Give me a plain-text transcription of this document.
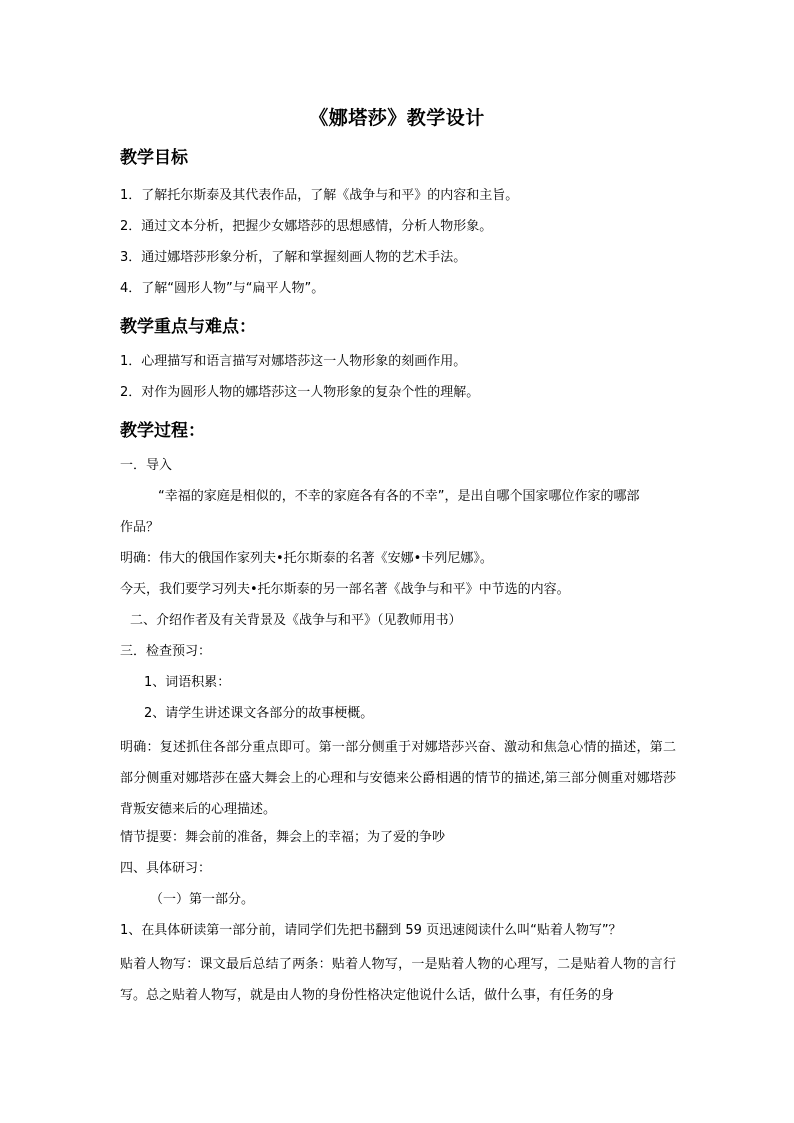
《娜塔莎》教学设计
教学目标
1．了解托尔斯泰及其代表作品，了解《战争与和平》的内容和主旨。
2．通过文本分析，把握少女娜塔莎的思想感情，分析人物形象。
3．通过娜塔莎形象分析，了解和掌握刻画人物的艺术手法。
4．了解“圆形人物”与“扁平人物”。
教学重点与难点：
1．心理描写和语言描写对娜塔莎这一人物形象的刻画作用。
2．对作为圆形人物的娜塔莎这一人物形象的复杂个性的理解。
教学过程：
一．导入
“幸福的家庭是相似的，不幸的家庭各有各的不幸”，是出自哪个国家哪位作家的哪部
作品？
明确：伟大的俄国作家列夫•托尔斯泰的名著《安娜•卡列尼娜》。
今天，我们要学习列夫•托尔斯泰的另一部名著《战争与和平》中节选的内容。
二、介绍作者及有关背景及《战争与和平》（见教师用书）
三．检查预习：
1、词语积累：
2、请学生讲述课文各部分的故事梗概。
明确：复述抓住各部分重点即可。第一部分侧重于对娜塔莎兴奋、激动和焦急心情的描述，第二部分侧重对娜塔莎在盛大舞会上的心理和与安德来公爵相遇的情节的描述,第三部分侧重对娜塔莎背叛安德来后的心理描述。
情节提要：舞会前的准备，舞会上的幸福；为了爱的争吵
四、具体研习：
（一）第一部分。
1、在具体研读第一部分前，请同学们先把书翻到 59 页迅速阅读什么叫“贴着人物写”？
贴着人物写：课文最后总结了两条：贴着人物写，一是贴着人物的心理写，二是贴着人物的言行写。总之贴着人物写，就是由人物的身份性格决定他说什么话，做什么事，有任务的身
